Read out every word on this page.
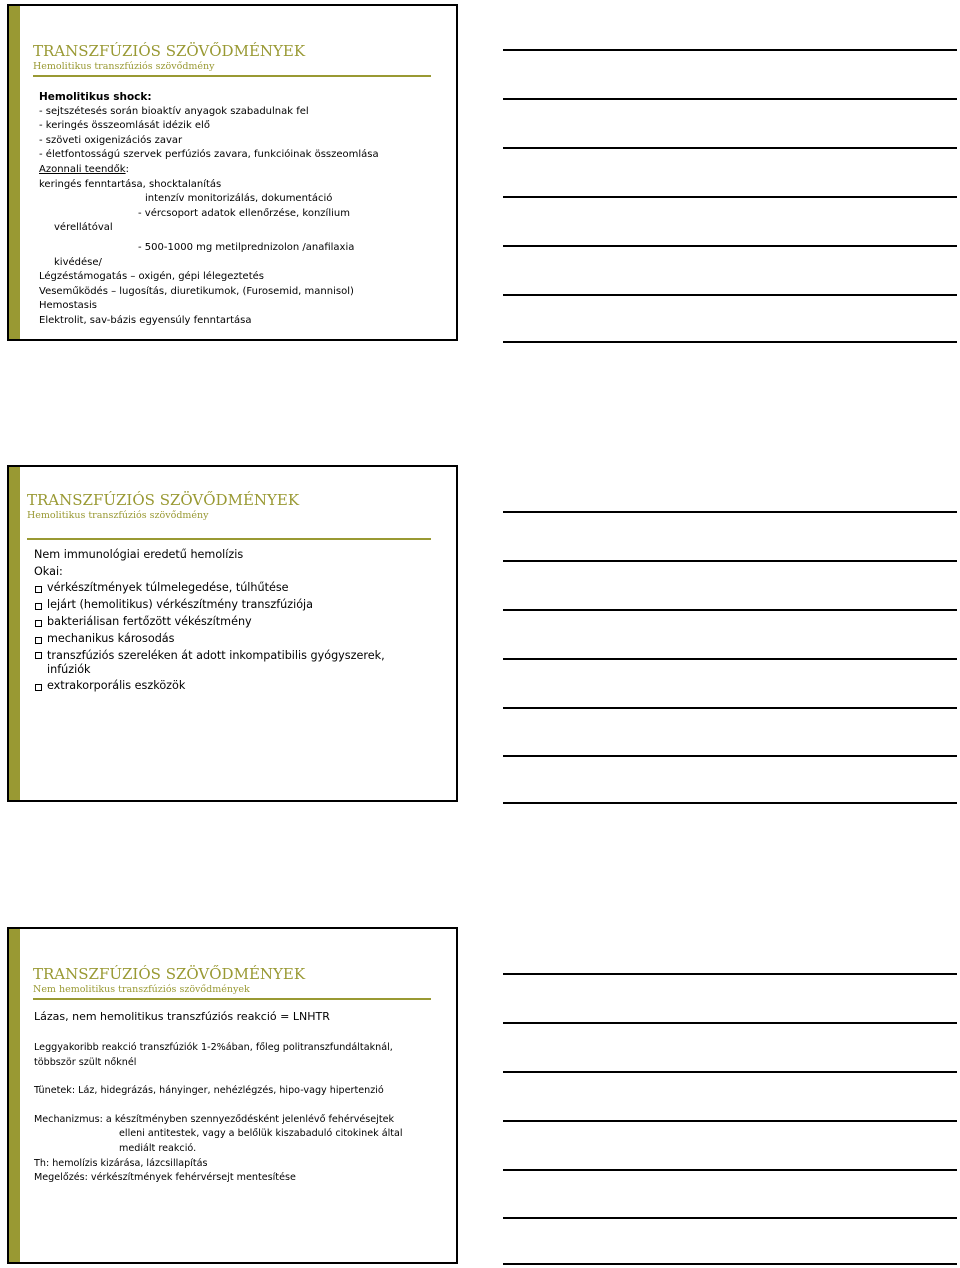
TRANSZFÚZIÓS SZÖVŐDMÉNYEK
Hemolitikus transzfúziós szövődmény
Hemolitikus shock:
- sejtszétesés során bioaktív anyagok szabadulnak fel
- keringés összeomlását idézik elő
- szöveti oxigenizációs zavar
- életfontosságú szervek perfúziós zavara, funkcióinak összeomlása
Azonnali teendők:
keringés fenntartása, shocktalanítás
intenzív monitorizálás, dokumentáció
- vércsoport adatok ellenőrzése, konzílium
vérellátóval
- 500-1000 mg metilprednizolon /anafilaxia
kivédése/
Légzéstámogatás – oxigén, gépi lélegeztetés
Veseműködés – lugosítás, diuretikumok, (Furosemid, mannisol)
Hemostasis
Elektrolit, sav-bázis egyensúly fenntartása
TRANSZFÚZIÓS SZÖVŐDMÉNYEK
Hemolitikus transzfúziós szövődmény
Nem immunológiai eredetű hemolízis
Okai:
vérkészítmények túlmelegedése, túlhűtése
lejárt (hemolitikus) vérkészítmény transzfúziója
bakteriálisan fertőzött vékészítmény
mechanikus károsodás
transzfúziós szereléken át adott inkompatibilis gyógyszerek,
infúziók
extrakorporális eszközök
TRANSZFÚZIÓS SZÖVŐDMÉNYEK
Nem hemolitikus transzfúziós szövődmények
Lázas, nem hemolitikus transzfúziós reakció = LNHTR
Leggyakoribb reakció transzfúziók 1-2%ában, főleg politranszfundáltaknál,
többször szült nőknél
Tünetek: Láz, hidegrázás, hányinger, nehézlégzés, hipo-vagy hipertenzió
Mechanizmus: a készítményben szennyeződésként jelenlévő fehérvésejtek
elleni antitestek, vagy a belőlük kiszabaduló citokinek által
mediált reakció.
Th: hemolízis kizárása, lázcsillapítás
Megelőzés: vérkészítmények fehérvérsejt mentesítése
